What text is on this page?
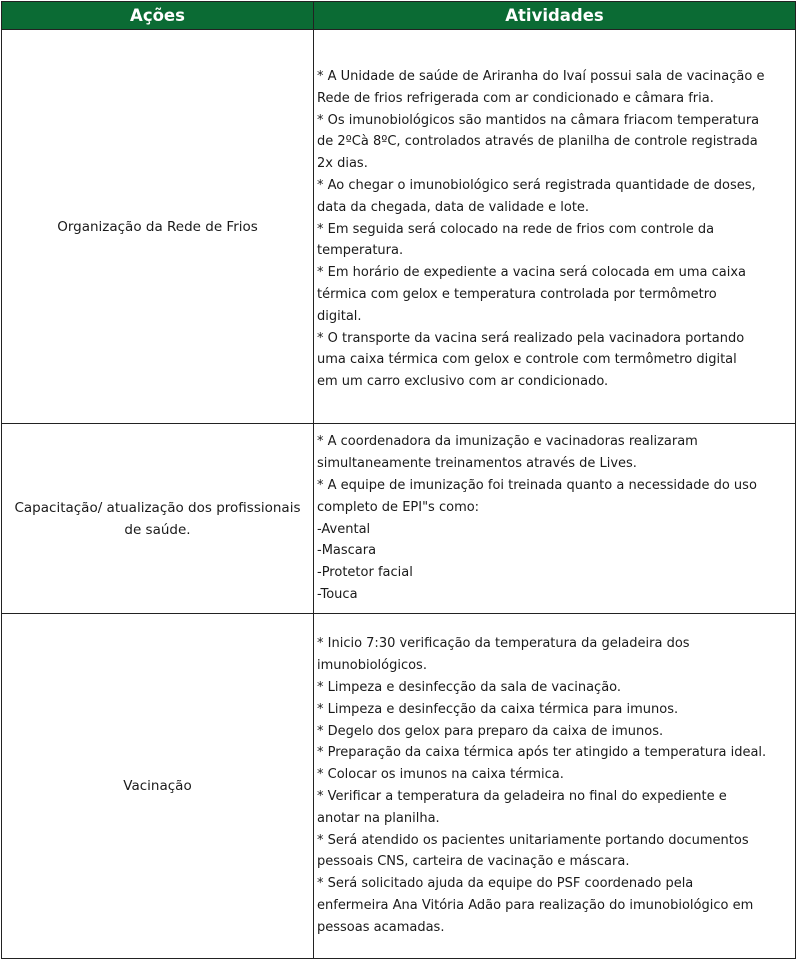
Ações	Atividades
Organização da Rede de Frios
* A Unidade de saúde de Ariranha do Ivaí possui sala de vacinação e
Rede de frios refrigerada com ar condicionado e câmara fria.
* Os imunobiológicos são mantidos na câmara friacom temperatura
de 2ºCà 8ºC, controlados através de planilha de controle registrada
2x dias.
* Ao chegar o imunobiológico será registrada quantidade de doses,
data da chegada, data de validade e lote.
* Em seguida será colocado na rede de frios com controle da
temperatura.
* Em horário de expediente a vacina será colocada em uma caixa
térmica com gelox e temperatura controlada por termômetro
digital.
* O transporte da vacina será realizado pela vacinadora portando
uma caixa térmica com gelox e controle com termômetro digital
em um carro exclusivo com ar condicionado.
Capacitação/ atualização dos profissionais de saúde.
* A coordenadora da imunização e vacinadoras realizaram
simultaneamente treinamentos através de Lives.
* A equipe de imunização foi treinada quanto a necessidade do uso
completo de EPI"s como:
-Avental
-Mascara
-Protetor facial
-Touca
Vacinação
* Inicio 7:30 verificação da temperatura da geladeira dos
imunobiológicos.
* Limpeza e desinfecção da sala de vacinação.
* Limpeza e desinfecção da caixa térmica para imunos.
* Degelo dos gelox para preparo da caixa de imunos.
* Preparação da caixa térmica após ter atingido a temperatura ideal.
* Colocar os imunos na caixa térmica.
* Verificar a temperatura da geladeira no final do expediente e
anotar na planilha.
* Será atendido os pacientes unitariamente portando documentos
pessoais CNS, carteira de vacinação e máscara.
* Será solicitado ajuda da equipe do PSF coordenado pela
enfermeira Ana Vitória Adão para realização do imunobiológico em
pessoas acamadas.
